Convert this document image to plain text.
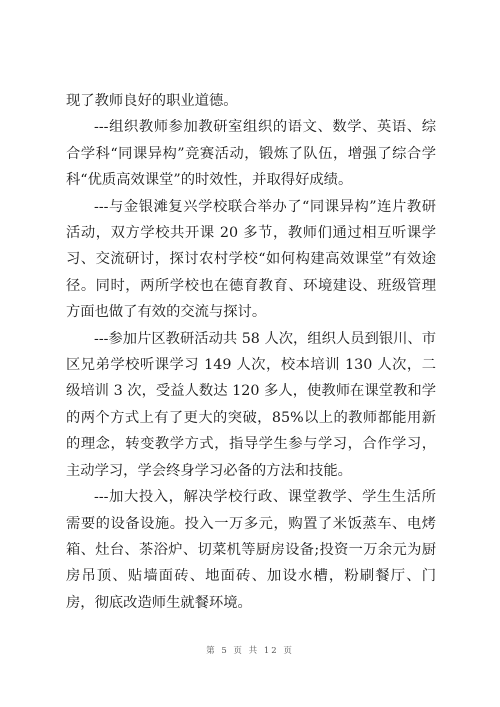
现了教师良好的职业道德。

---组织教师参加教研室组织的语文、数学、英语、综合学科“同课异构”竞赛活动，锻炼了队伍，增强了综合学科“优质高效课堂”的时效性，并取得好成绩。

---与金银滩复兴学校联合举办了“同课异构”连片教研活动，双方学校共开课 20 多节，教师们通过相互听课学习、交流研讨，探讨农村学校“如何构建高效课堂”有效途径。同时，两所学校也在德育教育、环境建设、班级管理方面也做了有效的交流与探讨。

---参加片区教研活动共 58 人次，组织人员到银川、市区兄弟学校听课学习 149 人次，校本培训 130 人次，二级培训 3 次，受益人数达 120 多人，使教师在课堂教和学的两个方式上有了更大的突破，85%以上的教师都能用新的理念，转变教学方式，指导学生参与学习，合作学习，主动学习，学会终身学习必备的方法和技能。

---加大投入，解决学校行政、课堂教学、学生生活所需要的设备设施。投入一万多元，购置了米饭蒸车、电烤箱、灶台、茶浴炉、切菜机等厨房设备;投资一万余元为厨房吊顶、贴墙面砖、地面砖、加设水槽，粉刷餐厅、门房，彻底改造师生就餐环境。

第 5 页 共 12 页
